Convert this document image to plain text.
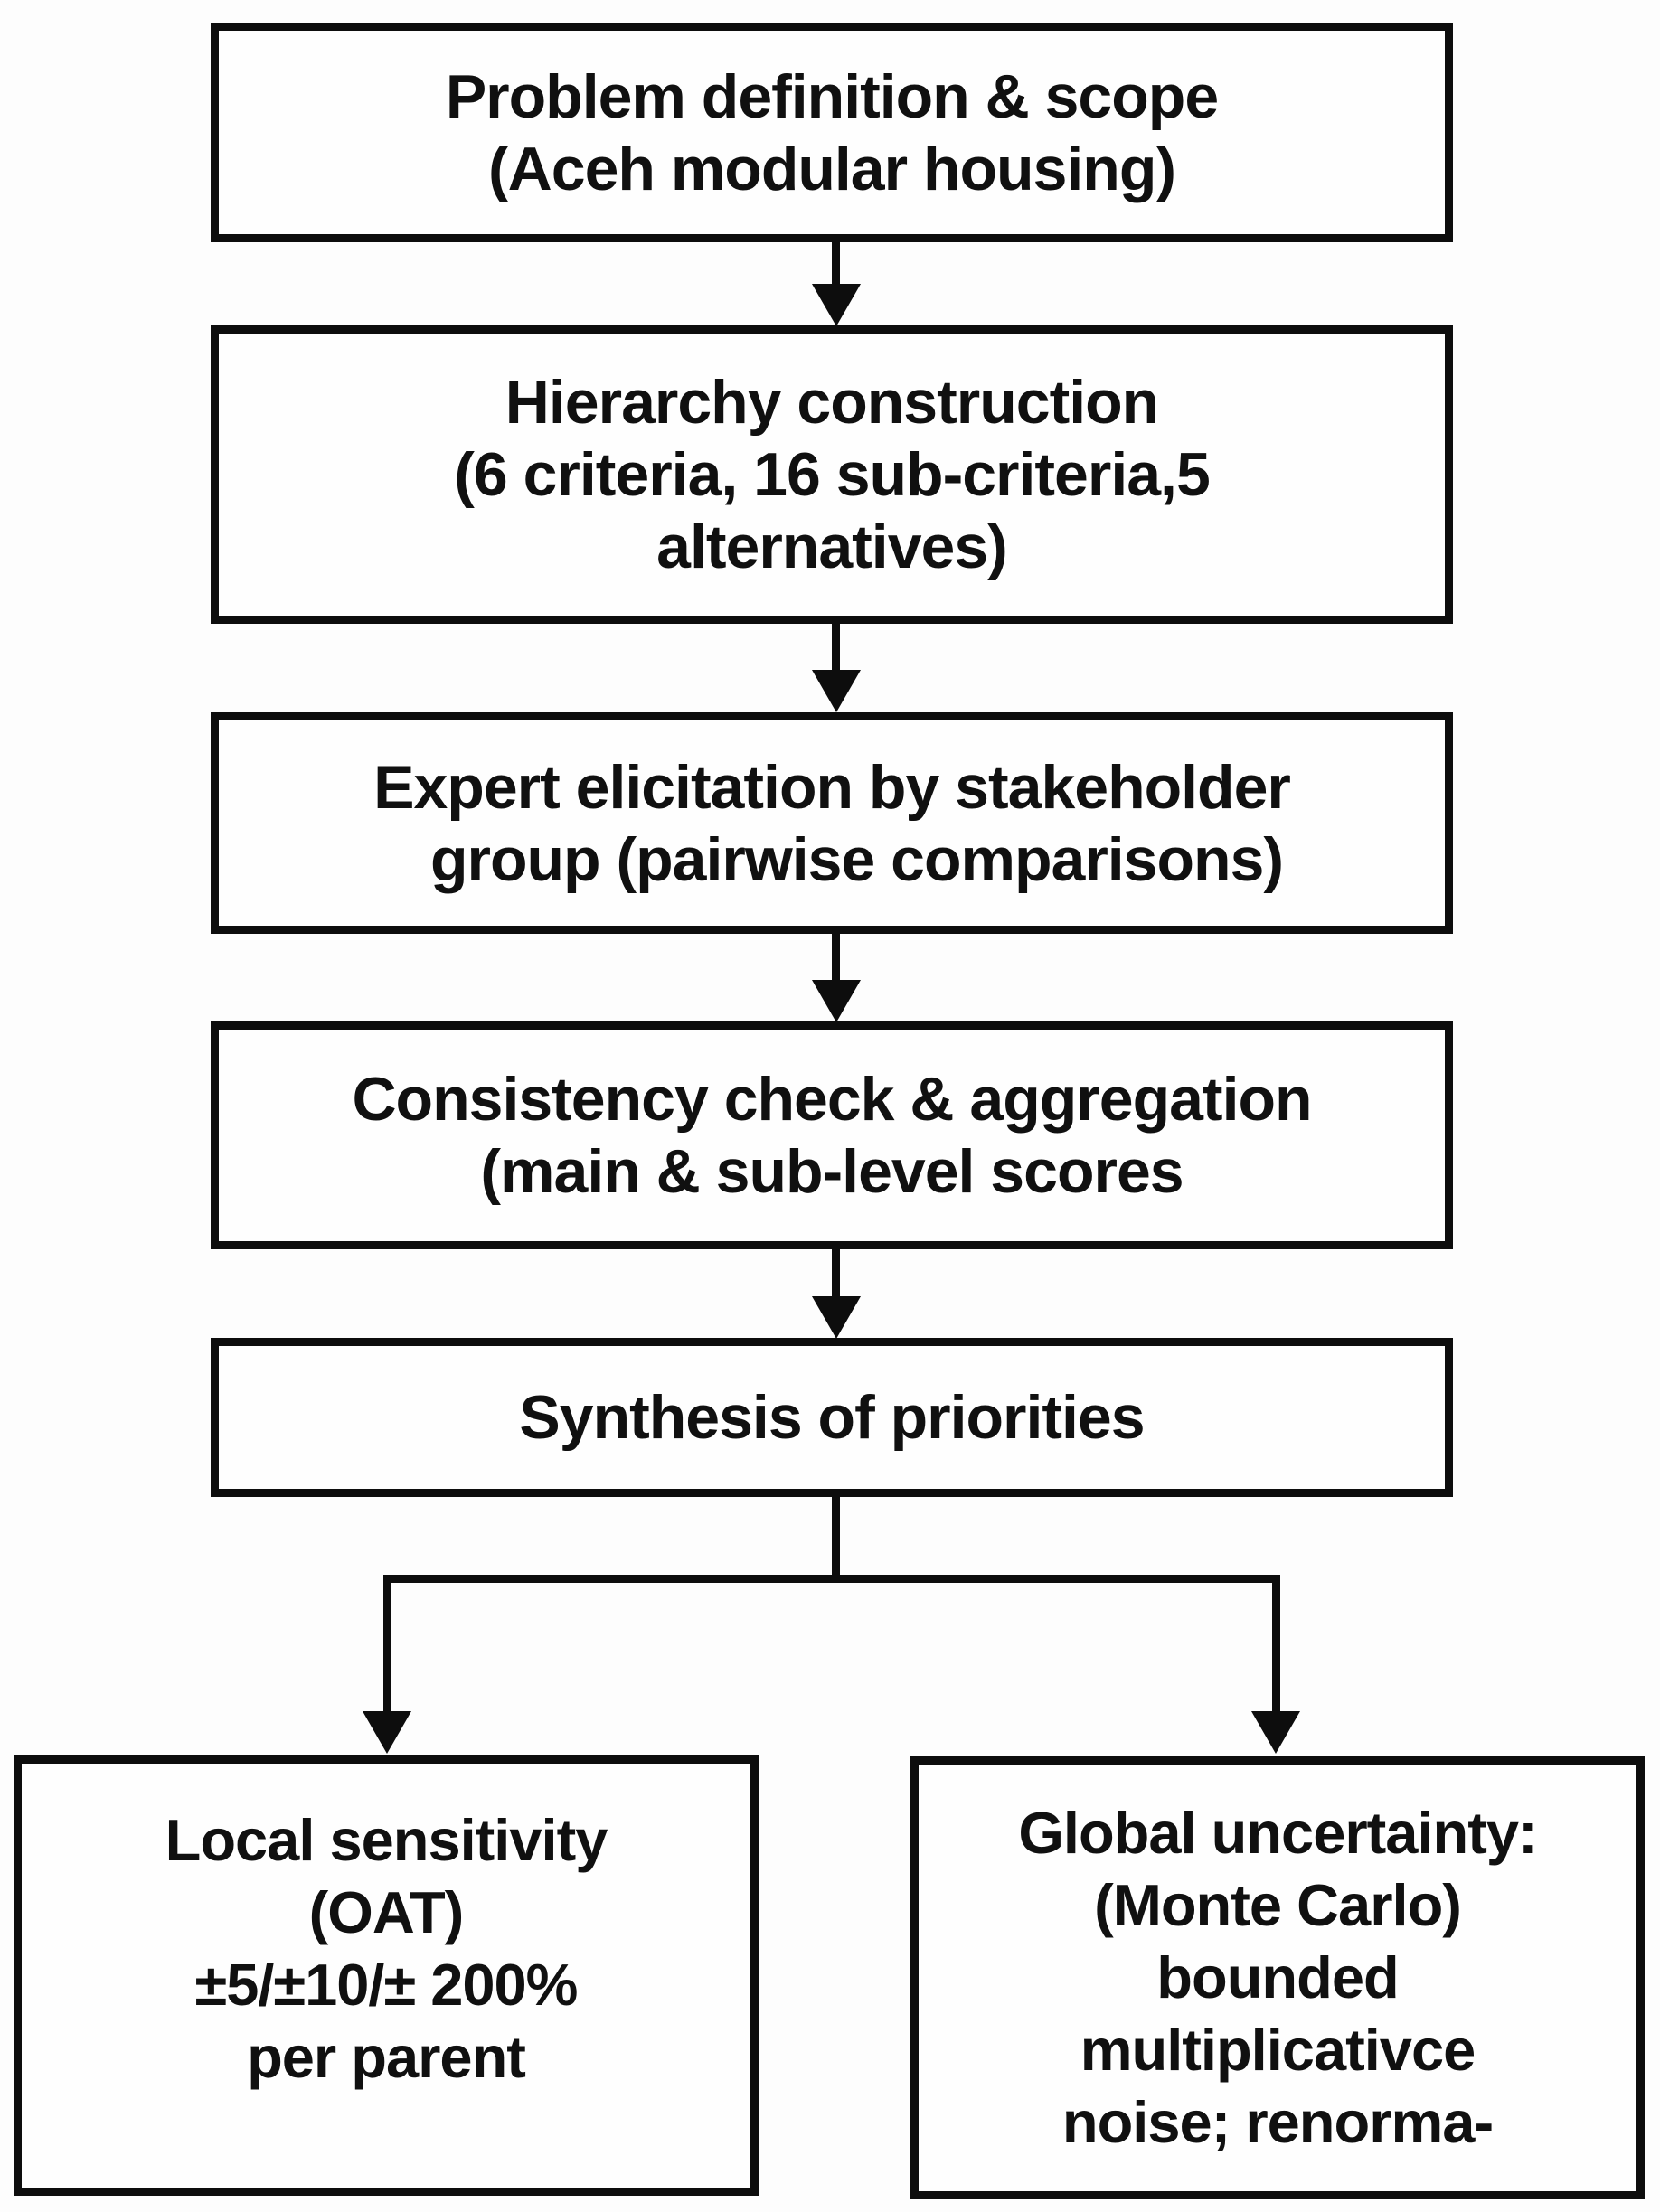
Problem definition & scope
(Aceh modular housing)
Hierarchy construction
(6 criteria, 16 sub-criteria,5
alternatives)
Expert elicitation by stakeholder
group (pairwise comparisons)
Consistency check & aggregation
(main & sub-level scores
Synthesis of priorities
Local sensitivity
(OAT)
±5/±10/± 200%
per parent
Global uncertainty:
(Monte Carlo)
bounded
multiplicativce
noise; renorma-
